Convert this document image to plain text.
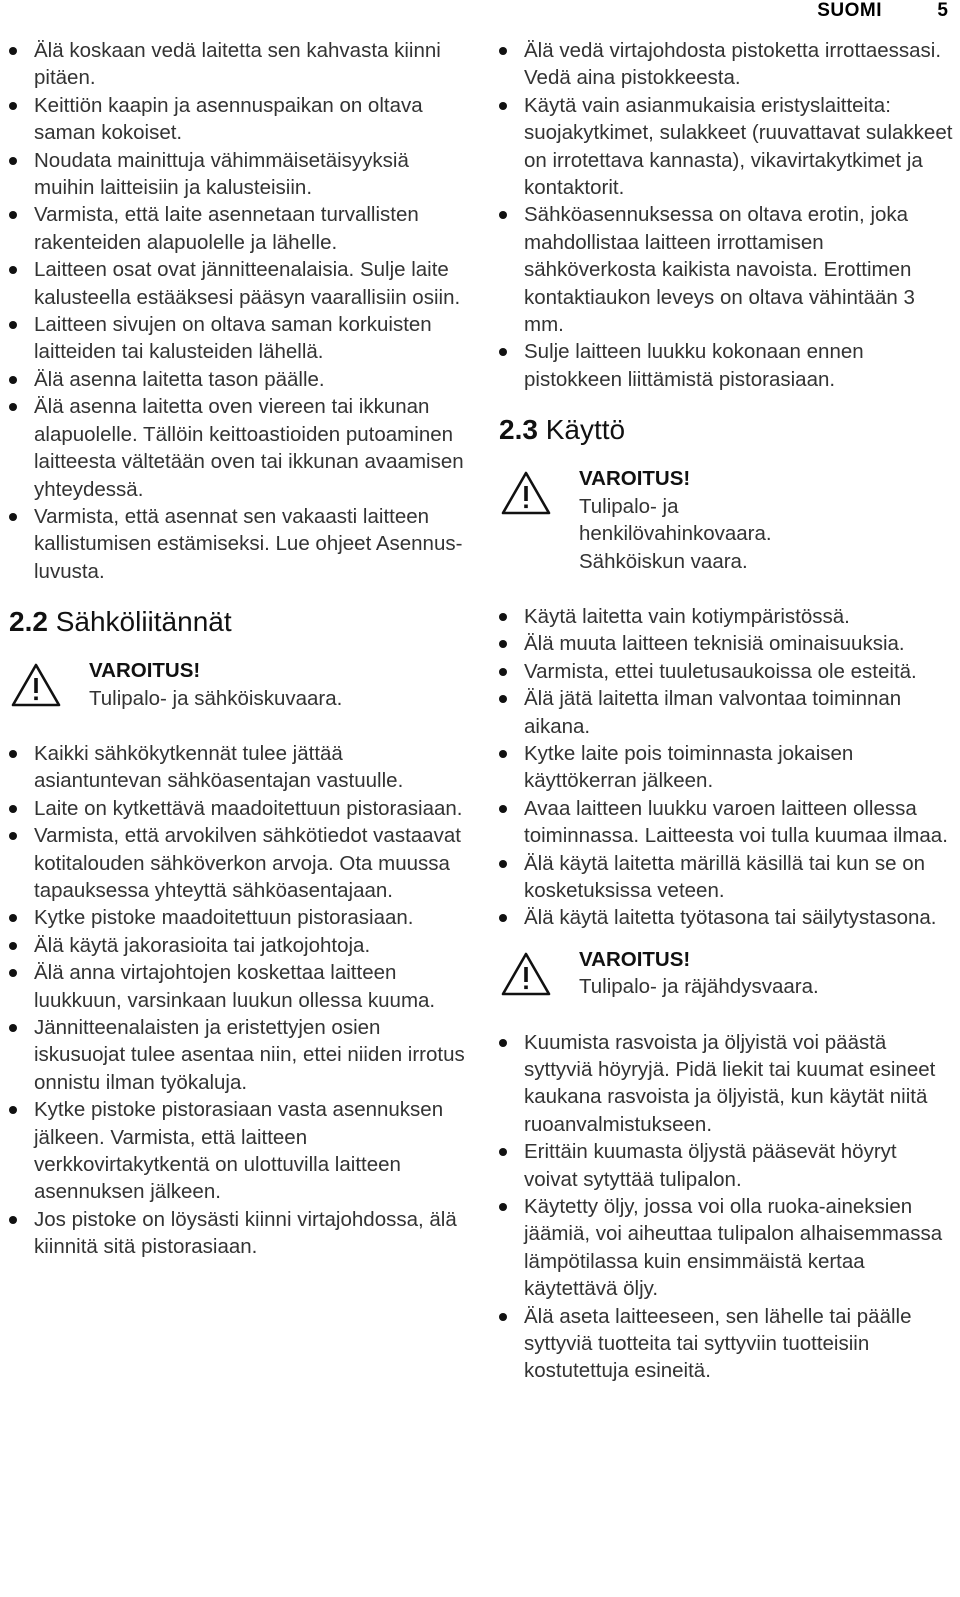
SUOMI	5
Älä koskaan vedä laitetta sen kahvasta kiinni pitäen.
Keittiön kaapin ja asennuspaikan on oltava saman kokoiset.
Noudata mainittuja vähimmäisetäisyyksiä muihin laitteisiin ja kalusteisiin.
Varmista, että laite asennetaan turvallisten rakenteiden alapuolelle ja lähelle.
Laitteen osat ovat jännitteenalaisia. Sulje laite kalusteella estääksesi pääsyn vaarallisiin osiin.
Laitteen sivujen on oltava saman korkuisten laitteiden tai kalusteiden lähellä.
Älä asenna laitetta tason päälle.
Älä asenna laitetta oven viereen tai ikkunan alapuolelle. Tällöin keittoastioiden putoaminen laitteesta vältetään oven tai ikkunan avaamisen yhteydessä.
Varmista, että asennat sen vakaasti laitteen kallistumisen estämiseksi. Lue ohjeet Asennus-luvusta.
2.2 Sähköliitännät
VAROITUS!
Tulipalo- ja sähköiskuvaara.
Kaikki sähkökytkennät tulee jättää asiantuntevan sähköasentajan vastuulle.
Laite on kytkettävä maadoitettuun pistorasiaan.
Varmista, että arvokilven sähkötiedot vastaavat kotitalouden sähköverkon arvoja. Ota muussa tapauksessa yhteyttä sähköasentajaan.
Kytke pistoke maadoitettuun pistorasiaan.
Älä käytä jakorasioita tai jatkojohtoja.
Älä anna virtajohtojen koskettaa laitteen luukkuun, varsinkaan luukun ollessa kuuma.
Jännitteenalaisten ja eristettyjen osien iskusuojat tulee asentaa niin, ettei niiden irrotus onnistu ilman työkaluja.
Kytke pistoke pistorasiaan vasta asennuksen jälkeen. Varmista, että laitteen verkkovirtakytkentä on ulottuvilla laitteen asennuksen jälkeen.
Jos pistoke on löysästi kiinni virtajohdossa, älä kiinnitä sitä pistorasiaan.
Älä vedä virtajohdosta pistoketta irrottaessasi. Vedä aina pistokkeesta.
Käytä vain asianmukaisia eristyslaitteita: suojakytkimet, sulakkeet (ruuvattavat sulakkeet on irrotettava kannasta), vikavirtakytkimet ja kontaktorit.
Sähköasennuksessa on oltava erotin, joka mahdollistaa laitteen irrottamisen sähköverkosta kaikista navoista. Erottimen kontaktiaukon leveys on oltava vähintään 3 mm.
Sulje laitteen luukku kokonaan ennen pistokkeen liittämistä pistorasiaan.
2.3 Käyttö
VAROITUS!
Tulipalo- ja henkilövahinkovaara. Sähköiskun vaara.
Käytä laitetta vain kotiympäristössä.
Älä muuta laitteen teknisiä ominaisuuksia.
Varmista, ettei tuuletusaukoissa ole esteitä.
Älä jätä laitetta ilman valvontaa toiminnan aikana.
Kytke laite pois toiminnasta jokaisen käyttökerran jälkeen.
Avaa laitteen luukku varoen laitteen ollessa toiminnassa. Laitteesta voi tulla kuumaa ilmaa.
Älä käytä laitetta märillä käsillä tai kun se on kosketuksissa veteen.
Älä käytä laitetta työtasona tai säilytystasona.
VAROITUS!
Tulipalo- ja räjähdysvaara.
Kuumista rasvoista ja öljyistä voi päästä syttyviä höyryjä. Pidä liekit tai kuumat esineet kaukana rasvoista ja öljyistä, kun käytät niitä ruoanvalmistukseen.
Erittäin kuumasta öljystä pääsevät höyryt voivat sytyttää tulipalon.
Käytetty öljy, jossa voi olla ruoka-aineksien jäämiä, voi aiheuttaa tulipalon alhaisemmassa lämpötilassa kuin ensimmäistä kertaa käytettävä öljy.
Älä aseta laitteeseen, sen lähelle tai päälle syttyviä tuotteita tai syttyviin tuotteisiin kostutettuja esineitä.
